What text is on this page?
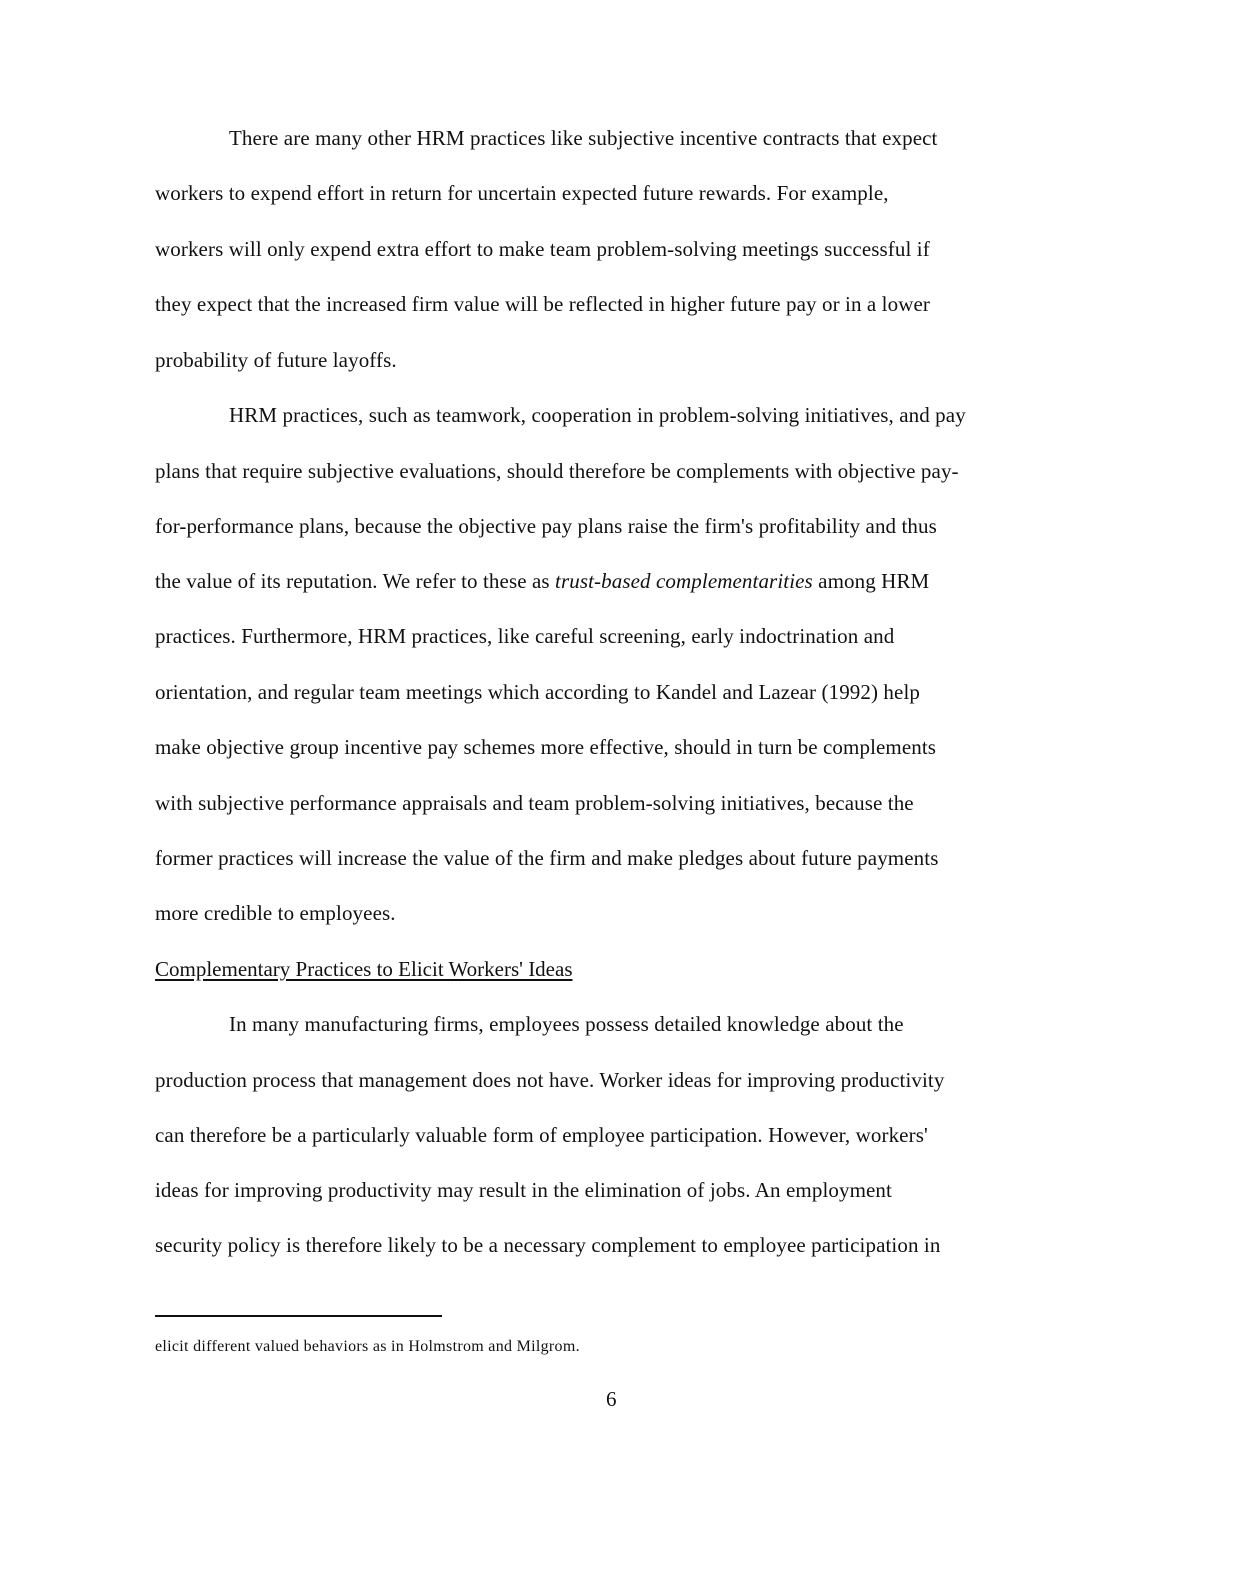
There are many other HRM practices like subjective incentive contracts that expect
workers to expend effort in return for uncertain expected future rewards. For example,
workers will only expend extra effort to make team problem-solving meetings successful if
they expect that the increased firm value will be reflected in higher future pay or in a lower
probability of future layoffs.
HRM practices, such as teamwork, cooperation in problem-solving initiatives, and pay
plans that require subjective evaluations, should therefore be complements with objective pay-
for-performance plans, because the objective pay plans raise the firm's profitability and thus
the value of its reputation. We refer to these as trust-based complementarities among HRM
practices. Furthermore, HRM practices, like careful screening, early indoctrination and
orientation, and regular team meetings which according to Kandel and Lazear (1992) help
make objective group incentive pay schemes more effective, should in turn be complements
with subjective performance appraisals and team problem-solving initiatives, because the
former practices will increase the value of the firm and make pledges about future payments
more credible to employees.
Complementary Practices to Elicit Workers' Ideas
In many manufacturing firms, employees possess detailed knowledge about the
production process that management does not have. Worker ideas for improving productivity
can therefore be a particularly valuable form of employee participation. However, workers'
ideas for improving productivity may result in the elimination of jobs. An employment
security policy is therefore likely to be a necessary complement to employee participation in
elicit different valued behaviors as in Holmstrom and Milgrom.
6
